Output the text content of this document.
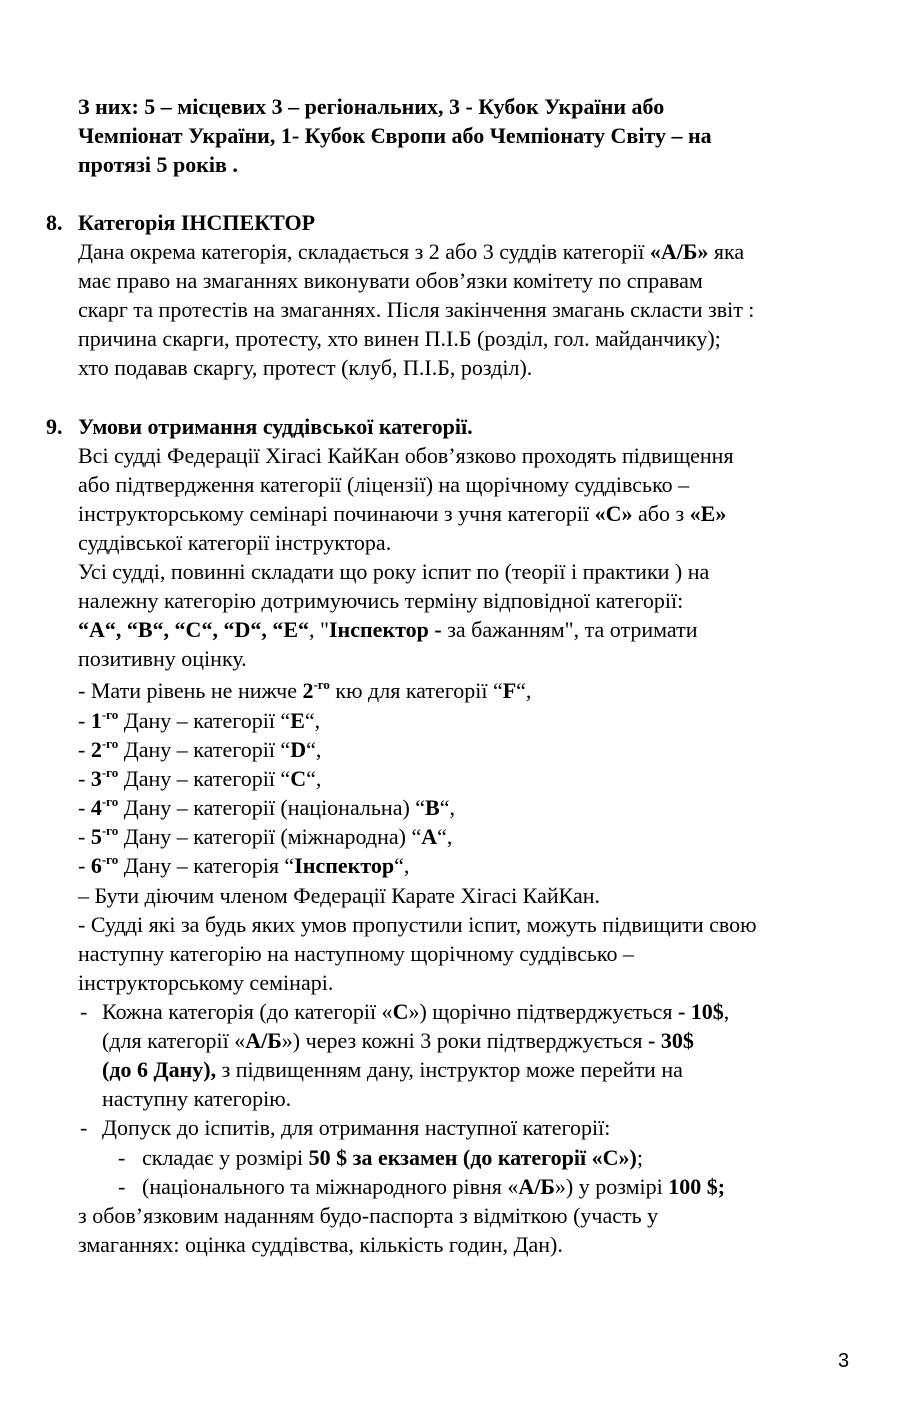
З них: 5 – місцевих 3 – регіональних, 3 - Кубок України або
Чемпіонат України, 1- Кубок Європи або Чемпіонату Світу – на
протязі 5 років .
8. Категорія ІНСПЕКТОР
Дана окрема категорія, складається з 2 або 3 суддів категорії «А/Б» яка
має право на змаганнях виконувати обов’язки комітету по справам
скарг та протестів на змаганнях. Після закінчення змагань скласти звіт :
причина скарги, протесту, хто винен П.І.Б (розділ, гол. майданчику);
хто подавав скаргу, протест (клуб, П.І.Б, розділ).
9. Умови отримання суддівської категорії.
Всі судді Федерації Хігасі КайКан обов’язково проходять підвищення
або підтвердження категорії (ліцензії) на щорічному суддівсько –
інструкторському семінарі починаючи з учня категорії «С» або з «Е»
суддівської категорії інструктора.
Усі судді, повинні складати що року іспит по (теорії і практики ) на
належну категорію дотримуючись терміну відповідної категорії:
“А“, “В“, “С“, “D“, “Е“, "Інспектор - за бажанням", та отримати
позитивну оцінку.
- Мати рівень не нижче $2^{-го}$ кю для категорії “F“,
- $1^{-го}$ Дану – категорії “Е“,
- $2^{-го}$ Дану – категорії “D“,
- $3^{-го}$ Дану – категорії “С“,
- $4^{-го}$ Дану – категорії (національна) “В“,
- $5^{-го}$ Дану – категорії (міжнародна) “А“,
- $6^{-го}$ Дану – категорія “Інспектор“,
– Бути діючим членом Федерації Карате Хігасі КайКан.
- Судді які за будь яких умов пропустили іспит, можуть підвищити свою
наступну категорію на наступному щорічному суддівсько –
інструкторському семінарі.
- Кожна категорія (до категорії «С») щорічно підтверджується - 10$,
(для категорії «А/Б») через кожні 3 роки підтверджується - 30$
(до 6 Дану), з підвищенням дану, інструктор може перейти на
наступну категорію.
- Допуск до іспитів, для отримання наступної категорії:
- складає у розмірі 50 $ за екзамен (до категорії «С»);
- (національного та міжнародного рівня «А/Б») у розмірі 100 $;
з обов’язковим наданням будо-паспорта з відміткою (участь у
змаганнях: оцінка суддівства, кількість годин, Дан).
3
